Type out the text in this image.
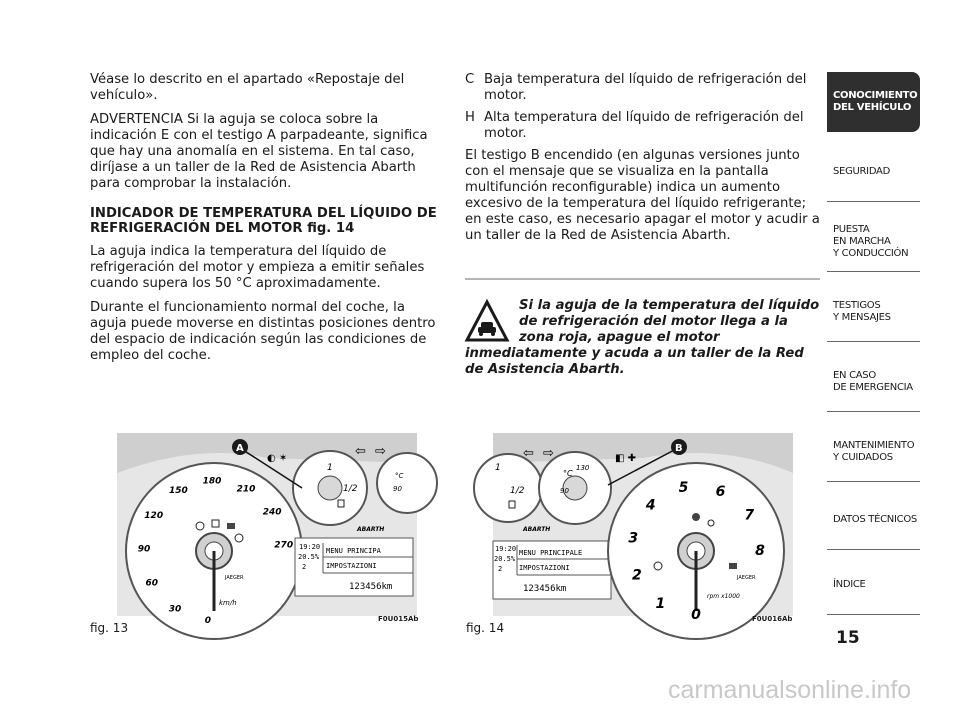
Véase lo descrito en el apartado «Repostaje del vehículo».

ADVERTENCIA Si la aguja se coloca sobre la indicación E con el testigo A parpadeante, significa que hay una anomalía en el sistema. En tal caso, diríjase a un taller de la Red de Asistencia Abarth para comprobar la instalación.

INDICADOR DE TEMPERATURA DEL LÍQUIDO DE REFRIGERACIÓN DEL MOTOR fig. 14

La aguja indica la temperatura del líquido de refrigeración del motor y empieza a emitir señales cuando supera los 50 °C aproximadamente.

Durante el funcionamiento normal del coche, la aguja puede moverse en distintas posiciones dentro del espacio de indicación según las condiciones de empleo del coche.

C Baja temperatura del líquido de refrigeración del motor.
H Alta temperatura del líquido de refrigeración del motor.

El testigo B encendido (en algunas versiones junto con el mensaje que se visualiza en la pantalla multifunción reconfigurable) indica un aumento excesivo de la temperatura del líquido refrigerante; en este caso, es necesario apagar el motor y acudir a un taller de la Red de Asistencia Abarth.

Si la aguja de la temperatura del líquido de refrigeración del motor llega a la zona roja, apague el motor inmediatamente y acuda a un taller de la Red de Asistencia Abarth.
0
30
60
90
120
150
180
210
240
270
km/h
JAEGER
1
1/2
°C
90
⇦ ⇨
◐ ✶
ABARTH
19:20
20.5%
2
MENU PRINCIPA
IMPOSTAZIONI
123456km
A
fig. 13
F0U015Ab
1
1/2
°C
90
130
⇦ ⇨	◧ ✚
ABARTH
19:20
20.5%
2
MENU PRINCIPALE
IMPOSTAZIONI
123456km
0
1
2
3
4
5 6
7
8
rpm x1000
JAEGER
B
fig. 14
F0U016Ab
CONOCIMIENTO
DEL VEHÍCULO
SEGURIDAD
PUESTA
EN MARCHA
Y CONDUCCIÓN
TESTIGOS
Y MENSAJES
EN CASO
DE EMERGENCIA
MANTENIMIENTO
Y CUIDADOS
DATOS TÉCNICOS
ÍNDICE
15
carmanualsonline.info
